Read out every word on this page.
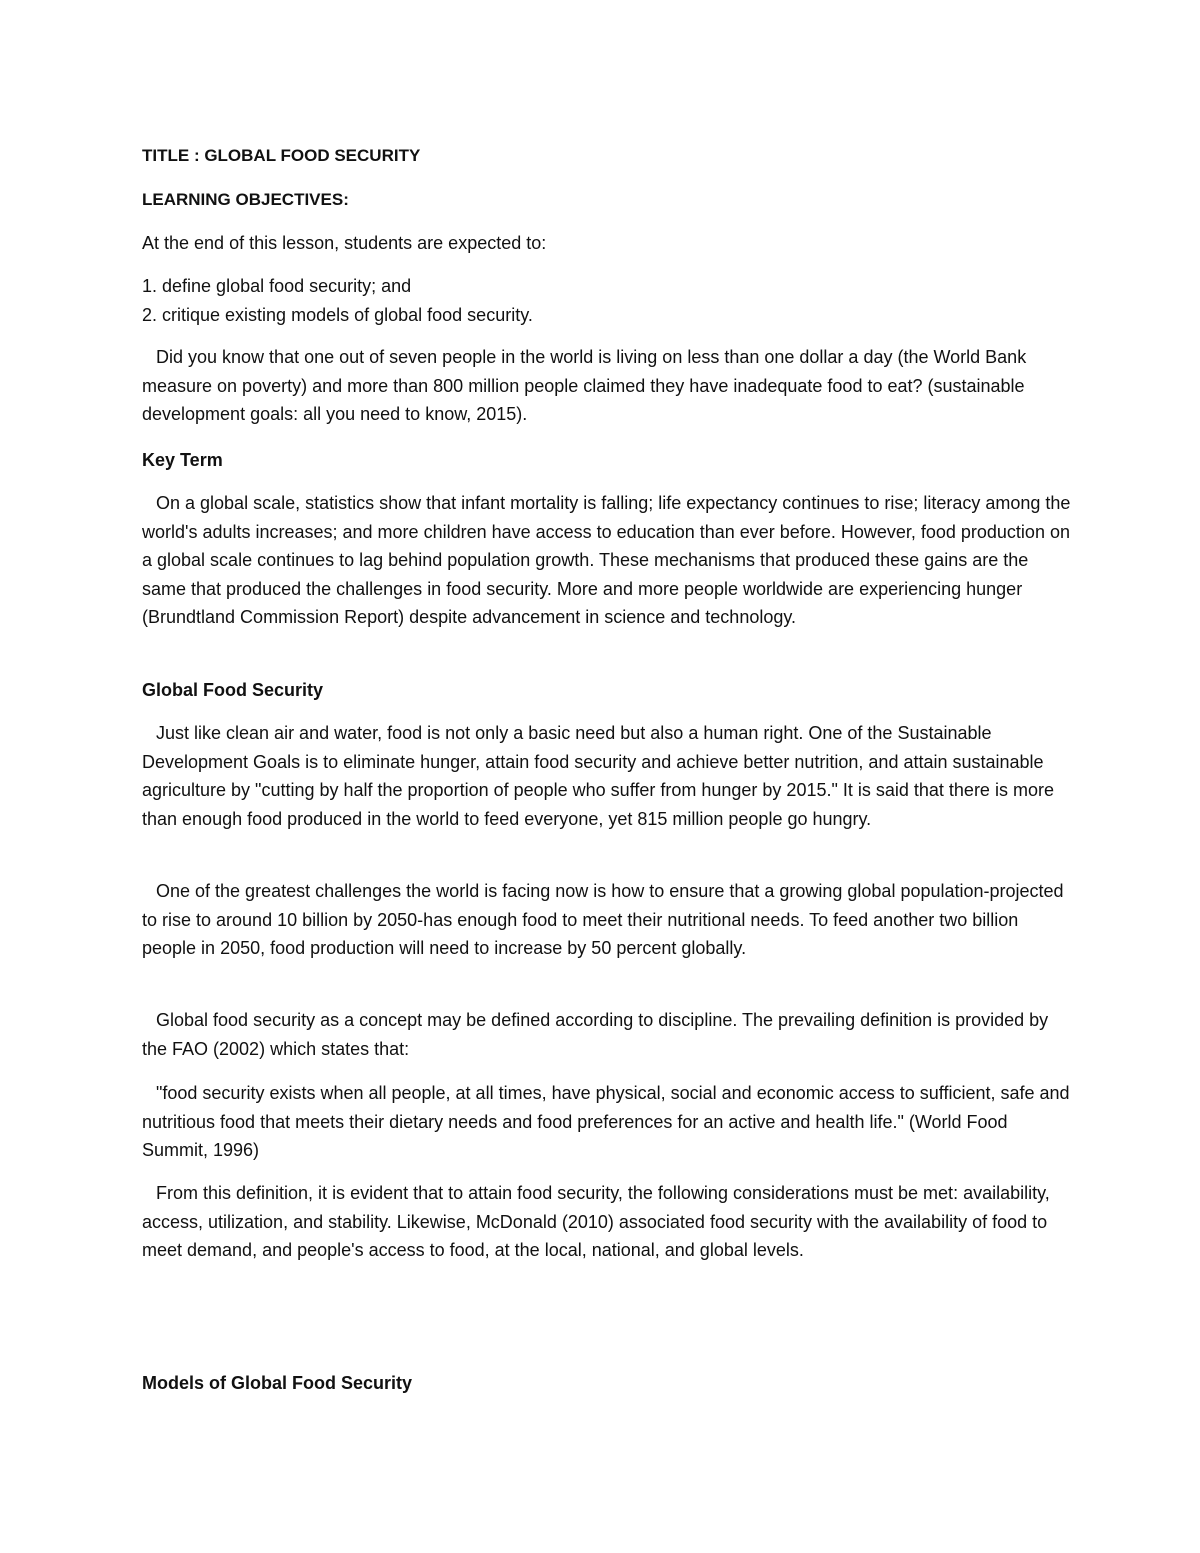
TITLE : GLOBAL FOOD SECURITY
LEARNING OBJECTIVES:
At the end of this lesson, students are expected to:
1. define global food security; and
2. critique existing models of global food security.

Did you know that one out of seven people in the world is living on less than one dollar a day (the World Bank measure on poverty) and more than 800 million people claimed they have inadequate food to eat? (sustainable development goals: all you need to know, 2015).

Key Term

On a global scale, statistics show that infant mortality is falling; life expectancy continues to rise; literacy among the world's adults increases; and more children have access to education than ever before. However, food production on a global scale continues to lag behind population growth. These mechanisms that produced these gains are the same that produced the challenges in food security. More and more people worldwide are experiencing hunger (Brundtland Commission Report) despite advancement in science and technology.

Global Food Security

Just like clean air and water, food is not only a basic need but also a human right. One of the Sustainable Development Goals is to eliminate hunger, attain food security and achieve better nutrition, and attain sustainable agriculture by "cutting by half the proportion of people who suffer from hunger by 2015." It is said that there is more than enough food produced in the world to feed everyone, yet 815 million people go hungry.

One of the greatest challenges the world is facing now is how to ensure that a growing global population-projected to rise to around 10 billion by 2050-has enough food to meet their nutritional needs. To feed another two billion people in 2050, food production will need to increase by 50 percent globally.

Global food security as a concept may be defined according to discipline. The prevailing definition is provided by the FAO (2002) which states that:

"food security exists when all people, at all times, have physical, social and economic access to sufficient, safe and nutritious food that meets their dietary needs and food preferences for an active and health life." (World Food Summit, 1996)

From this definition, it is evident that to attain food security, the following considerations must be met: availability, access, utilization, and stability. Likewise, McDonald (2010) associated food security with the availability of food to meet demand, and people's access to food, at the local, national, and global levels.

Models of Global Food Security
